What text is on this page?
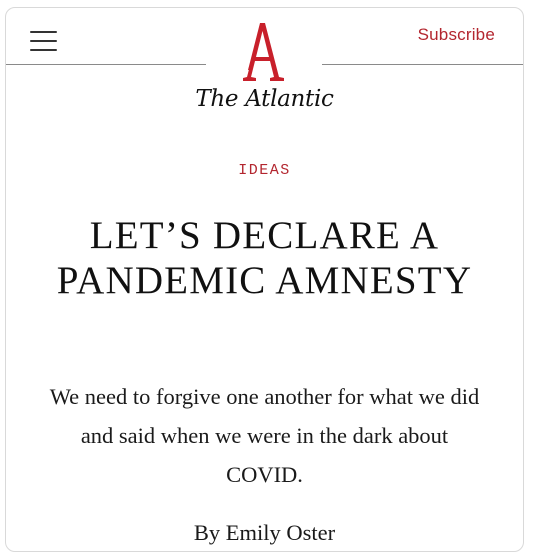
Subscribe
The Atlantic
IDEAS
LET’S DECLARE A PANDEMIC AMNESTY

We need to forgive one another for what we did and said when we were in the dark about COVID.

By Emily Oster
